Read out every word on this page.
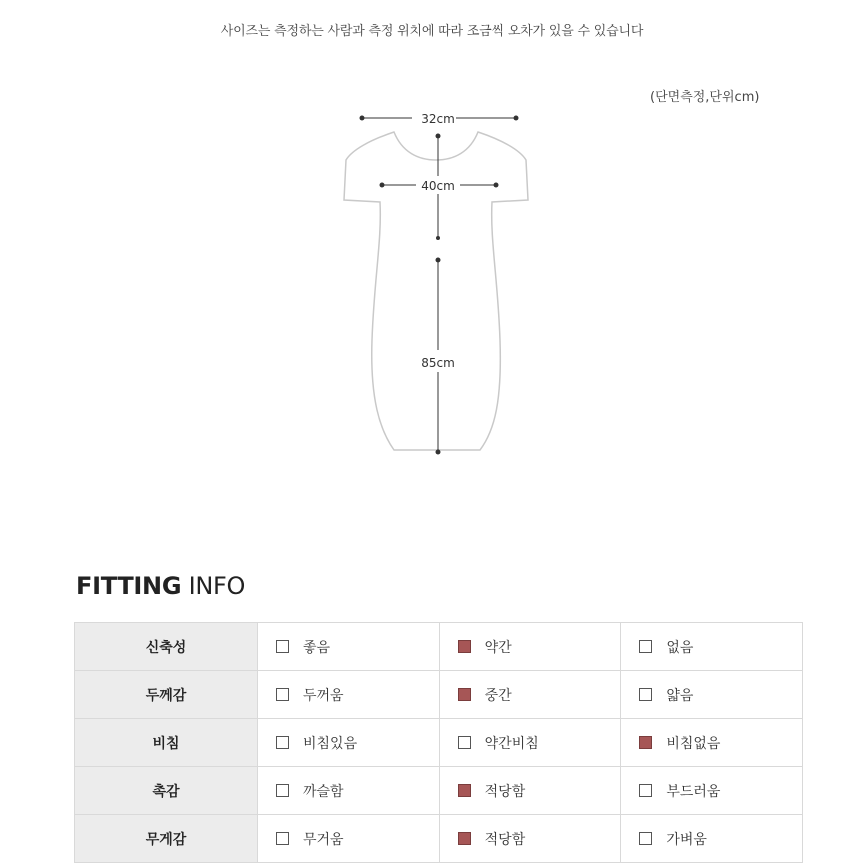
사이즈는 측정하는 사람과 측정 위치에 따라 조금씩 오차가 있을 수 있습니다
(단면측정,단위cm)
32cm
40cm
85cm
FITTING INFO
신축성	좋음	약간	없음

두께감	두꺼움	중간	얇음

비침	비침있음	약간비침	비침없음

촉감	까슬함	적당함	부드러움

무게감	무거움	적당함	가벼움
